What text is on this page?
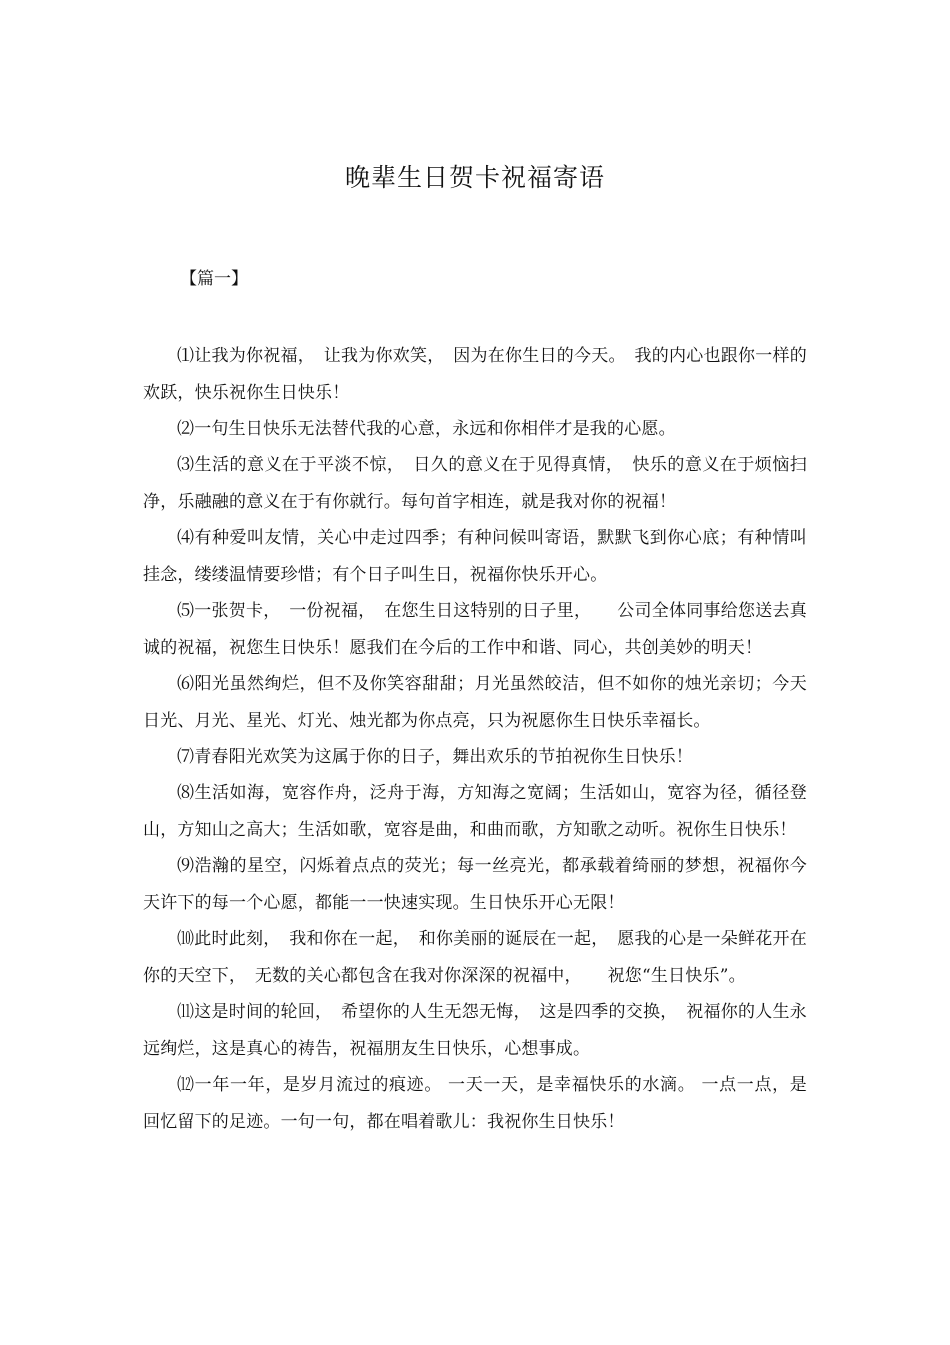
晚辈生日贺卡祝福寄语
【篇一】

⑴让我为你祝福，　让我为你欢笑，　因为在你生日的今天。　我的内心也跟你一样的欢跃，快乐祝你生日快乐！

⑵一句生日快乐无法替代我的心意，永远和你相伴才是我的心愿。

⑶生活的意义在于平淡不惊，　日久的意义在于见得真情，　快乐的意义在于烦恼扫净，乐融融的意义在于有你就行。每句首字相连，就是我对你的祝福！

⑷有种爱叫友情，关心中走过四季；有种问候叫寄语，默默飞到你心底；有种情叫挂念，缕缕温情要珍惜；有个日子叫生日，祝福你快乐开心。

⑸一张贺卡，　一份祝福，　在您生日这特别的日子里，　　公司全体同事给您送去真诚的祝福，祝您生日快乐！愿我们在今后的工作中和谐、同心，共创美妙的明天！

⑹阳光虽然绚烂，但不及你笑容甜甜；月光虽然皎洁，但不如你的烛光亲切；今天日光、月光、星光、灯光、烛光都为你点亮，只为祝愿你生日快乐幸福长。

⑺青春阳光欢笑为这属于你的日子，舞出欢乐的节拍祝你生日快乐！

⑻生活如海，宽容作舟，泛舟于海，方知海之宽阔；生活如山，宽容为径，循径登山，方知山之高大；生活如歌，宽容是曲，和曲而歌，方知歌之动听。祝你生日快乐！

⑼浩瀚的星空，闪烁着点点的荧光；每一丝亮光，都承载着绮丽的梦想，祝福你今天许下的每一个心愿，都能一一快速实现。生日快乐开心无限！

⑽此时此刻，　我和你在一起，　和你美丽的诞辰在一起，　愿我的心是一朵鲜花开在你的天空下，　无数的关心都包含在我对你深深的祝福中，　　祝您“生日快乐”。

⑾这是时间的轮回，　希望你的人生无怨无悔，　这是四季的交换，　祝福你的人生永远绚烂，这是真心的祷告，祝福朋友生日快乐，心想事成。

⑿一年一年，是岁月流过的痕迹。 一天一天，是幸福快乐的水滴。 一点一点，是回忆留下的足迹。一句一句，都在唱着歌儿：我祝你生日快乐！
